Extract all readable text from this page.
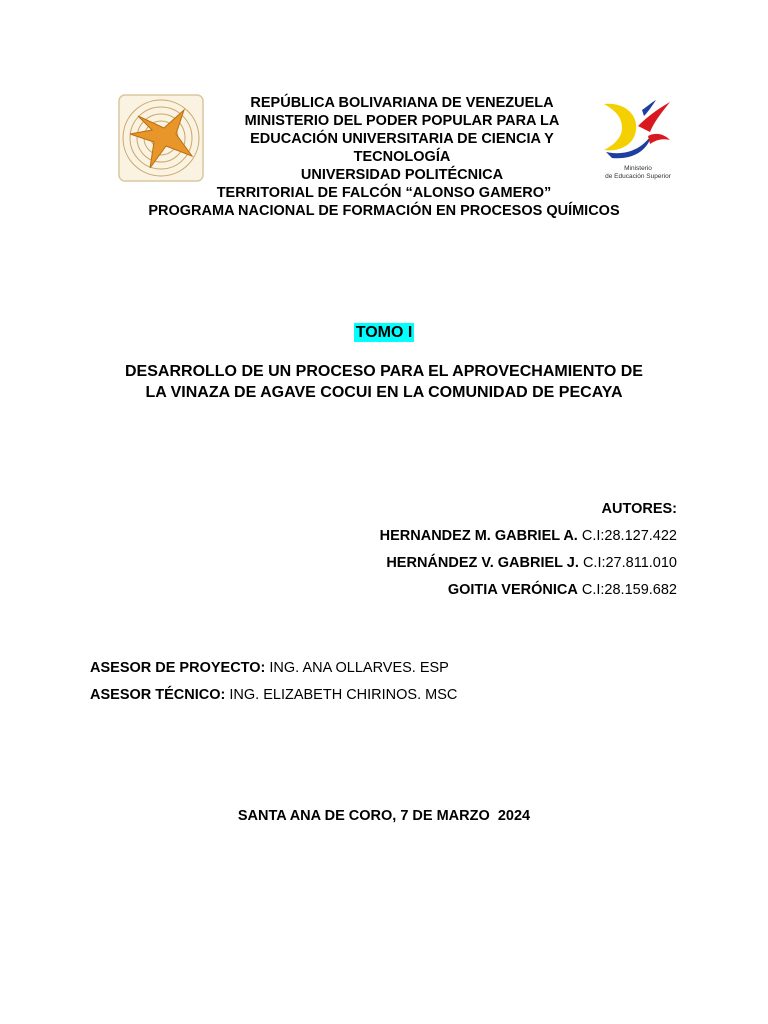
Ministerio
de Educación Superior
REPÚBLICA BOLIVARIANA DE VENEZUELA
MINISTERIO DEL PODER POPULAR PARA LA
EDUCACIÓN UNIVERSITARIA DE CIENCIA Y
TECNOLOGÍA
UNIVERSIDAD POLITÉCNICA
TERRITORIAL DE FALCÓN “ALONSO GAMERO”
PROGRAMA NACIONAL DE FORMACIÓN EN PROCESOS QUÍMICOS
TOMO I
DESARROLLO DE UN PROCESO PARA EL APROVECHAMIENTO DE
LA VINAZA DE AGAVE COCUI EN LA COMUNIDAD DE PECAYA
AUTORES:
HERNANDEZ M. GABRIEL A. C.I:28.127.422
HERNÁNDEZ V. GABRIEL J. C.I:27.811.010
GOITIA VERÓNICA C.I:28.159.682
ASESOR DE PROYECTO: ING. ANA OLLARVES. ESP
ASESOR TÉCNICO: ING. ELIZABETH CHIRINOS. MSC
SANTA ANA DE CORO, 7 DE MARZO  2024
